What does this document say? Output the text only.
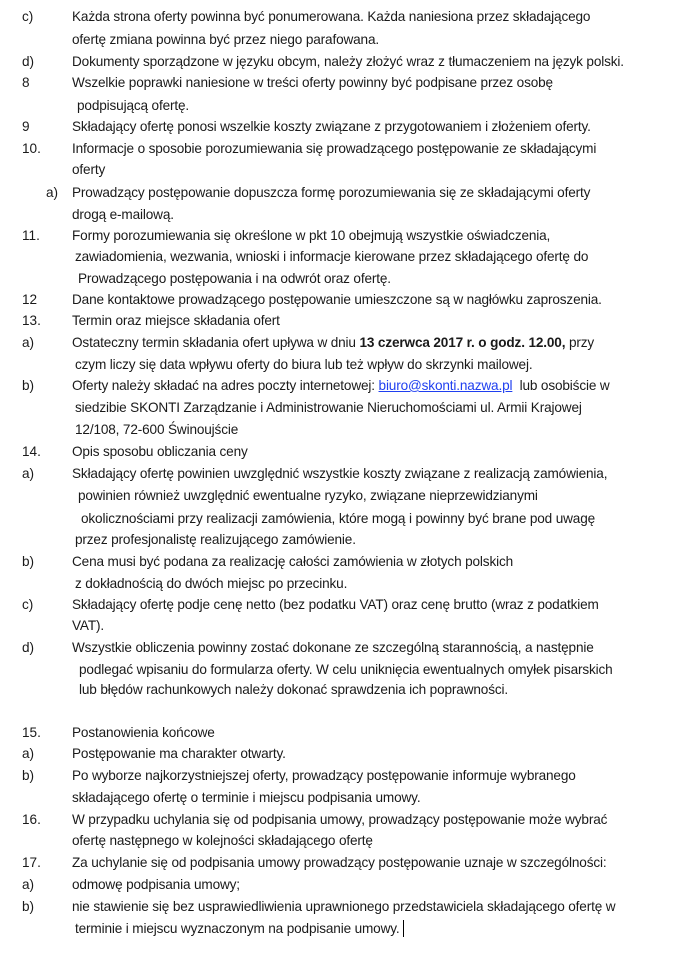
c)	Każda strona oferty powinna być ponumerowana. Każda naniesiona przez składającego
ofertę zmiana powinna być przez niego parafowana.
d)	Dokumenty sporządzone w języku obcym, należy złożyć wraz z tłumaczeniem na język polski.
8	Wszelkie poprawki naniesione w treści oferty powinny być podpisane przez osobę
podpisującą ofertę.
9	Składający ofertę ponosi wszelkie koszty związane z przygotowaniem i złożeniem oferty.
10. Informacje o sposobie porozumiewania się prowadzącego postępowanie ze składającymi
oferty
a) Prowadzący postępowanie dopuszcza formę porozumiewania się ze składającymi oferty
drogą e-mailową.
11. Formy porozumiewania się określone w pkt 10 obejmują wszystkie oświadczenia,
zawiadomienia, wezwania, wnioski i informacje kierowane przez składającego ofertę do
Prowadzącego postępowania i na odwrót oraz ofertę.
12	Dane kontaktowe prowadzącego postępowanie umieszczone są w nagłówku zaproszenia.
13. Termin oraz miejsce składania ofert
a)	Ostateczny termin składania ofert upływa w dniu 13 czerwca 2017 r. o godz. 12.00, przy
czym liczy się data wpływu oferty do biura lub też wpływ do skrzynki mailowej.
b)	Oferty należy składać na adres poczty internetowej: biuro@skonti.nazwa.pl  lub osobiście w
siedzibie SKONTI Zarządzanie i Administrowanie Nieruchomościami ul. Armii Krajowej
12/108, 72-600 Świnoujście
14. Opis sposobu obliczania ceny
a)	Składający ofertę powinien uwzględnić wszystkie koszty związane z realizacją zamówienia,
powinien również uwzględnić ewentualne ryzyko, związane nieprzewidzianymi
okolicznościami przy realizacji zamówienia, które mogą i powinny być brane pod uwagę
przez profesjonalistę realizującego zamówienie.
b)	Cena musi być podana za realizację całości zamówienia w złotych polskich
z dokładnością do dwóch miejsc po przecinku.
c)	Składający ofertę podje cenę netto (bez podatku VAT) oraz cenę brutto (wraz z podatkiem
VAT).
d)	Wszystkie obliczenia powinny zostać dokonane ze szczególną starannością, a następnie
podlegać wpisaniu do formularza oferty. W celu uniknięcia ewentualnych omyłek pisarskich
lub błędów rachunkowych należy dokonać sprawdzenia ich poprawności.
15. Postanowienia końcowe
a)	Postępowanie ma charakter otwarty.
b)	Po wyborze najkorzystniejszej oferty, prowadzący postępowanie informuje wybranego
składającego ofertę o terminie i miejscu podpisania umowy.
16. W przypadku uchylania się od podpisania umowy, prowadzący postępowanie może wybrać
ofertę następnego w kolejności składającego ofertę
17. Za uchylanie się od podpisania umowy prowadzący postępowanie uznaje w szczególności:
a)	odmowę podpisania umowy;
b)	nie stawienie się bez usprawiedliwienia uprawnionego przedstawiciela składającego ofertę w
terminie i miejscu wyznaczonym na podpisanie umowy.
